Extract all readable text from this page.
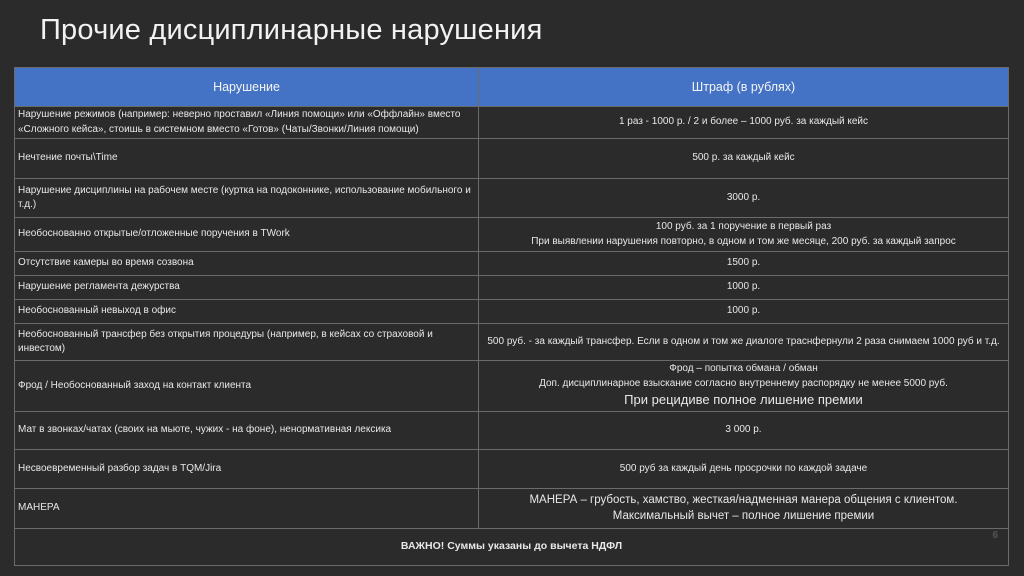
Прочие дисциплинарные нарушения
Нарушение	Штраф (в рублях)
Нарушение режимов (например: неверно проставил «Линия помощи» или «Оффлайн» вместо «Сложного кейса», стоишь в системном вместо «Готов» (Чаты/Звонки/Линия помощи)	1 раз - 1000 р. / 2 и более – 1000 руб. за каждый кейс
Нечтение почты\Time	500 р. за каждый кейс
Нарушение дисциплины на рабочем месте (куртка на подоконнике, использование мобильного и т.д.)	3000 р.
Необоснованно открытые/отложенные поручения в TWork	100 руб. за 1 поручение в первый раз
При выявлении нарушения повторно, в одном и том же месяце, 200 руб. за каждый запрос

Отсутствие камеры во время созвона	1500 р.
Нарушение регламента дежурства	1000 р.
Необоснованный невыход в офис	1000 р.
Необоснованный трансфер без открытия процедуры (например, в кейсах со страховой и инвестом)	500 руб. - за каждый трансфер. Если в одном и том же диалоге траснфернули 2 раза снимаем 1000 руб и т.д.
Фрод / Необоснованный заход на контакт клиента	Фрод – попытка обмана / обман
Доп. дисциплинарное взыскание согласно внутреннему распорядку не менее 5000 руб.
При рецидиве полное лишение премии

Мат в звонках/чатах (своих на мьюте, чужих - на фоне), ненормативная лексика	3 000 р.
Несвоевременный разбор задач в TQM/Jira	500 руб за каждый день просрочки по каждой задаче
МАНЕРА	МАНЕРА – грубость, хамство, жесткая/надменная манера общения с клиентом.
Максимальный вычет – полное лишение премии

ВАЖНО! Суммы указаны до вычета НДФЛ
6	
